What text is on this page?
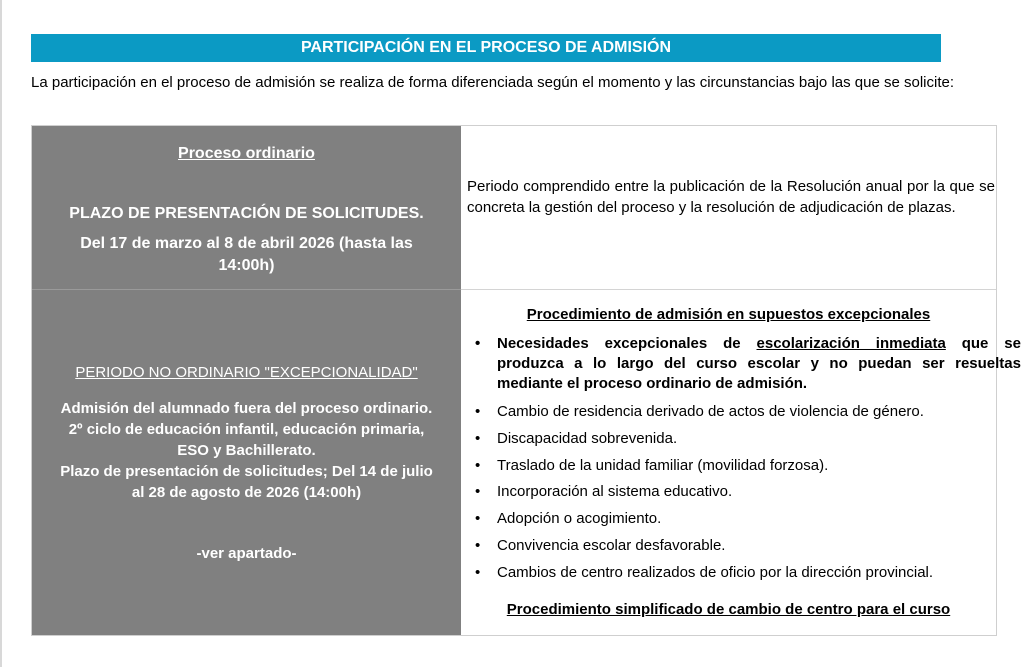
PARTICIPACIÓN EN EL PROCESO DE ADMISIÓN
La participación en el proceso de admisión se realiza de forma diferenciada según el momento y las circunstancias bajo las que se solicite:
Proceso ordinario
PLAZO DE PRESENTACIÓN DE SOLICITUDES.
Del 17 de marzo al 8 de abril 2026 (hasta las
14:00h)
Periodo comprendido entre la publicación de la Resolución anual por la que se concreta la gestión del proceso y la resolución de adjudicación de plazas.
PERIODO NO ORDINARIO "EXCEPCIONALIDAD"
Admisión del alumnado fuera del proceso ordinario.
2º ciclo de educación infantil, educación primaria,
ESO y Bachillerato.
Plazo de presentación de solicitudes; Del 14 de julio
al 28 de agosto de 2026 (14:00h)
-ver apartado-
Procedimiento de admisión en supuestos excepcionales
• Necesidades excepcionales de escolarización inmediata que se produzca a lo largo del curso escolar y no puedan ser resueltas mediante el proceso ordinario de admisión.
• Cambio de residencia derivado de actos de violencia de género.
• Discapacidad sobrevenida.
• Traslado de la unidad familiar (movilidad forzosa).
• Incorporación al sistema educativo.
• Adopción o acogimiento.
• Convivencia escolar desfavorable.
• Cambios de centro realizados de oficio por la dirección provincial.
Procedimiento simplificado de cambio de centro para el curso
